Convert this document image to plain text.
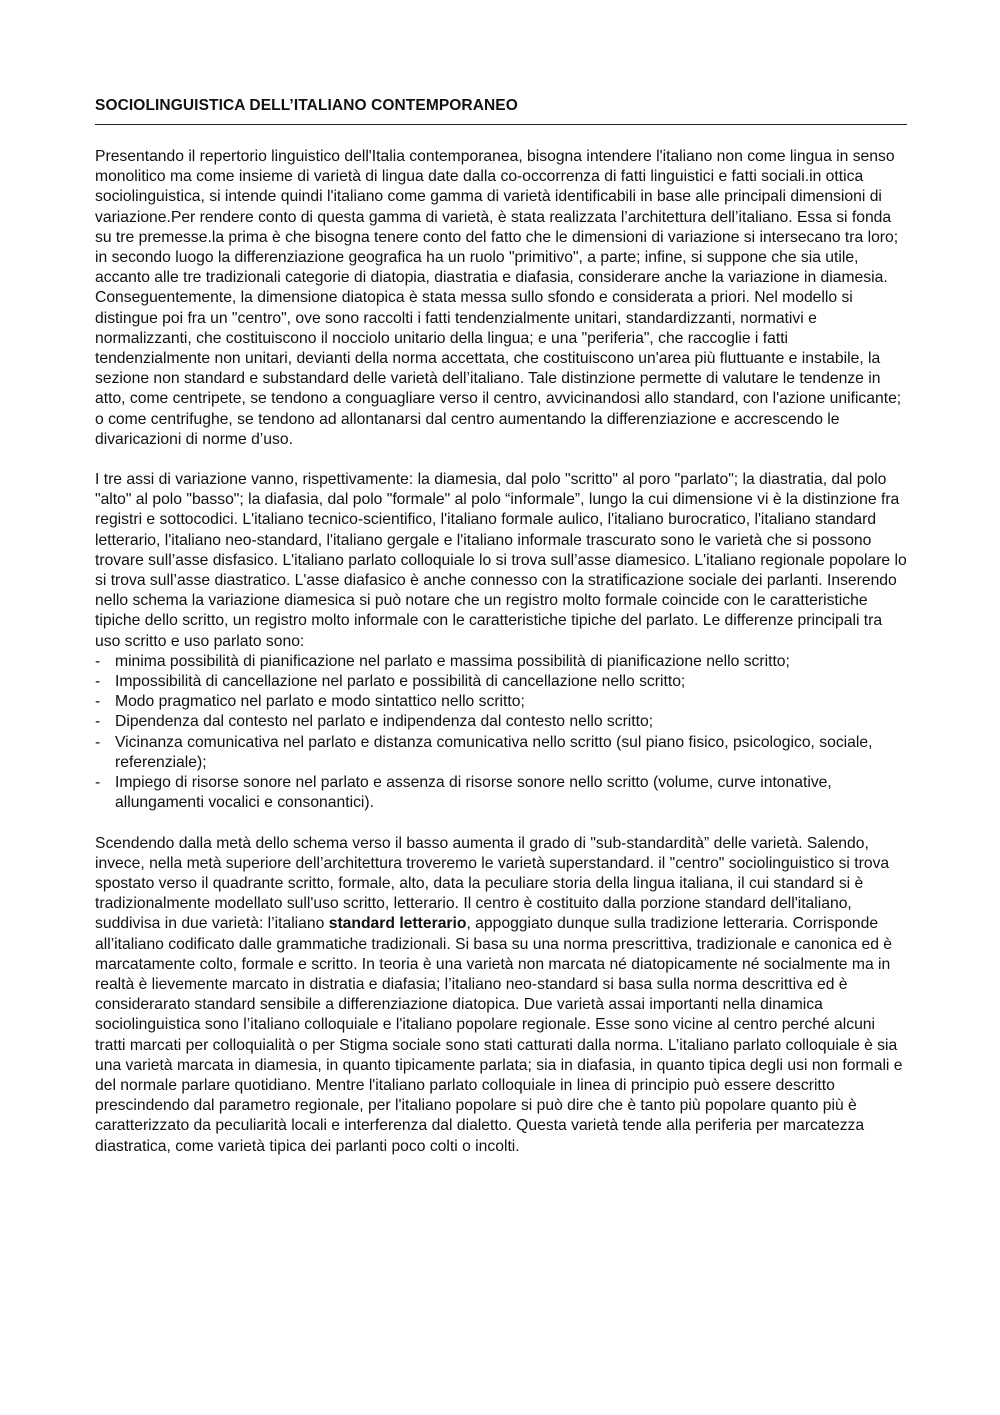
SOCIOLINGUISTICA DELL’ITALIANO CONTEMPORANEO

Presentando il repertorio linguistico dell'Italia contemporanea, bisogna intendere l'italiano non come lingua in senso monolitico ma come insieme di varietà di lingua date dalla co-occorrenza di fatti linguistici e fatti sociali.in ottica sociolinguistica, si intende quindi l'italiano come gamma di varietà identificabili in base alle principali dimensioni di variazione.Per rendere conto di questa gamma di varietà, è stata realizzata l’architettura dell’italiano. Essa si fonda su tre premesse.la prima è che bisogna tenere conto del fatto che le dimensioni di variazione si intersecano tra loro; in secondo luogo la differenziazione geografica ha un ruolo "primitivo", a parte; infine, si suppone che sia utile, accanto alle tre tradizionali categorie di diatopia, diastratia e diafasia, considerare anche la variazione in diamesia. Conseguentemente, la dimensione diatopica è stata messa sullo sfondo e considerata a priori. Nel modello si distingue poi fra un "centro", ove sono raccolti i fatti tendenzialmente unitari, standardizzanti, normativi e normalizzanti, che costituiscono il nocciolo unitario della lingua; e una "periferia", che raccoglie i fatti tendenzialmente non unitari, devianti della norma accettata, che costituiscono un'area più fluttuante e instabile, la sezione non standard e substandard delle varietà dell’italiano. Tale distinzione permette di valutare le tendenze in atto, come centripete, se tendono a conguagliare verso il centro, avvicinandosi allo standard, con l'azione unificante; o come centrifughe, se tendono ad allontanarsi dal centro aumentando la differenziazione e accrescendo le divaricazioni di norme d’uso.

I tre assi di variazione vanno, rispettivamente: la diamesia, dal polo "scritto" al poro "parlato"; la diastratia, dal polo "alto" al polo "basso"; la diafasia, dal polo "formale" al polo “informale”, lungo la cui dimensione vi è la distinzione fra registri e sottocodici. L'italiano tecnico-scientifico, l'italiano formale aulico, l'italiano burocratico, l'italiano standard letterario, l'italiano neo-standard, l'italiano gergale e l'italiano informale trascurato sono le varietà che si possono trovare sull’asse disfasico. L'italiano parlato colloquiale lo si trova sull’asse diamesico. L'italiano regionale popolare lo si trova sull’asse diastratico. L'asse diafasico è anche connesso con la stratificazione sociale dei parlanti. Inserendo nello schema la variazione diamesica si può notare che un registro molto formale coincide con le caratteristiche tipiche dello scritto, un registro molto informale con le caratteristiche tipiche del parlato. Le differenze principali tra uso scritto e uso parlato sono:

- minima possibilità di pianificazione nel parlato e massima possibilità di pianificazione nello scritto;
- Impossibilità di cancellazione nel parlato e possibilità di cancellazione nello scritto;
- Modo pragmatico nel parlato e modo sintattico nello scritto;
- Dipendenza dal contesto nel parlato e indipendenza dal contesto nello scritto;
- Vicinanza comunicativa nel parlato e distanza comunicativa nello scritto (sul piano fisico, psicologico, sociale, referenziale);
- Impiego di risorse sonore nel parlato e assenza di risorse sonore nello scritto (volume, curve intonative, allungamenti vocalici e consonantici).

Scendendo dalla metà dello schema verso il basso aumenta il grado di "sub-standardità” delle varietà. Salendo, invece, nella metà superiore dell’architettura troveremo le varietà superstandard. il "centro" sociolinguistico si trova spostato verso il quadrante scritto, formale, alto, data la peculiare storia della lingua italiana, il cui standard si è tradizionalmente modellato sull'uso scritto, letterario. Il centro è costituito dalla porzione standard dell'italiano, suddivisa in due varietà: l’italiano standard letterario, appoggiato dunque sulla tradizione letteraria. Corrisponde all’italiano codificato dalle grammatiche tradizionali. Si basa su una norma prescrittiva, tradizionale e canonica ed è marcatamente colto, formale e scritto. In teoria è una varietà non marcata né diatopicamente né socialmente ma in realtà è lievemente marcato in distratia e diafasia; l’italiano neo-standard si basa sulla norma descrittiva ed è considerarato standard sensibile a differenziazione diatopica. Due varietà assai importanti nella dinamica sociolinguistica sono l’italiano colloquiale e l'italiano popolare regionale. Esse sono vicine al centro perché alcuni tratti marcati per colloquialità o per Stigma sociale sono stati catturati dalla norma. L’italiano parlato colloquiale è sia una varietà marcata in diamesia, in quanto tipicamente parlata; sia in diafasia, in quanto tipica degli usi non formali e del normale parlare quotidiano. Mentre l'italiano parlato colloquiale in linea di principio può essere descritto prescindendo dal parametro regionale, per l'italiano popolare si può dire che è tanto più popolare quanto più è caratterizzato da peculiarità locali e interferenza dal dialetto. Questa varietà tende alla periferia per marcatezza diastratica, come varietà tipica dei parlanti poco colti o incolti.
